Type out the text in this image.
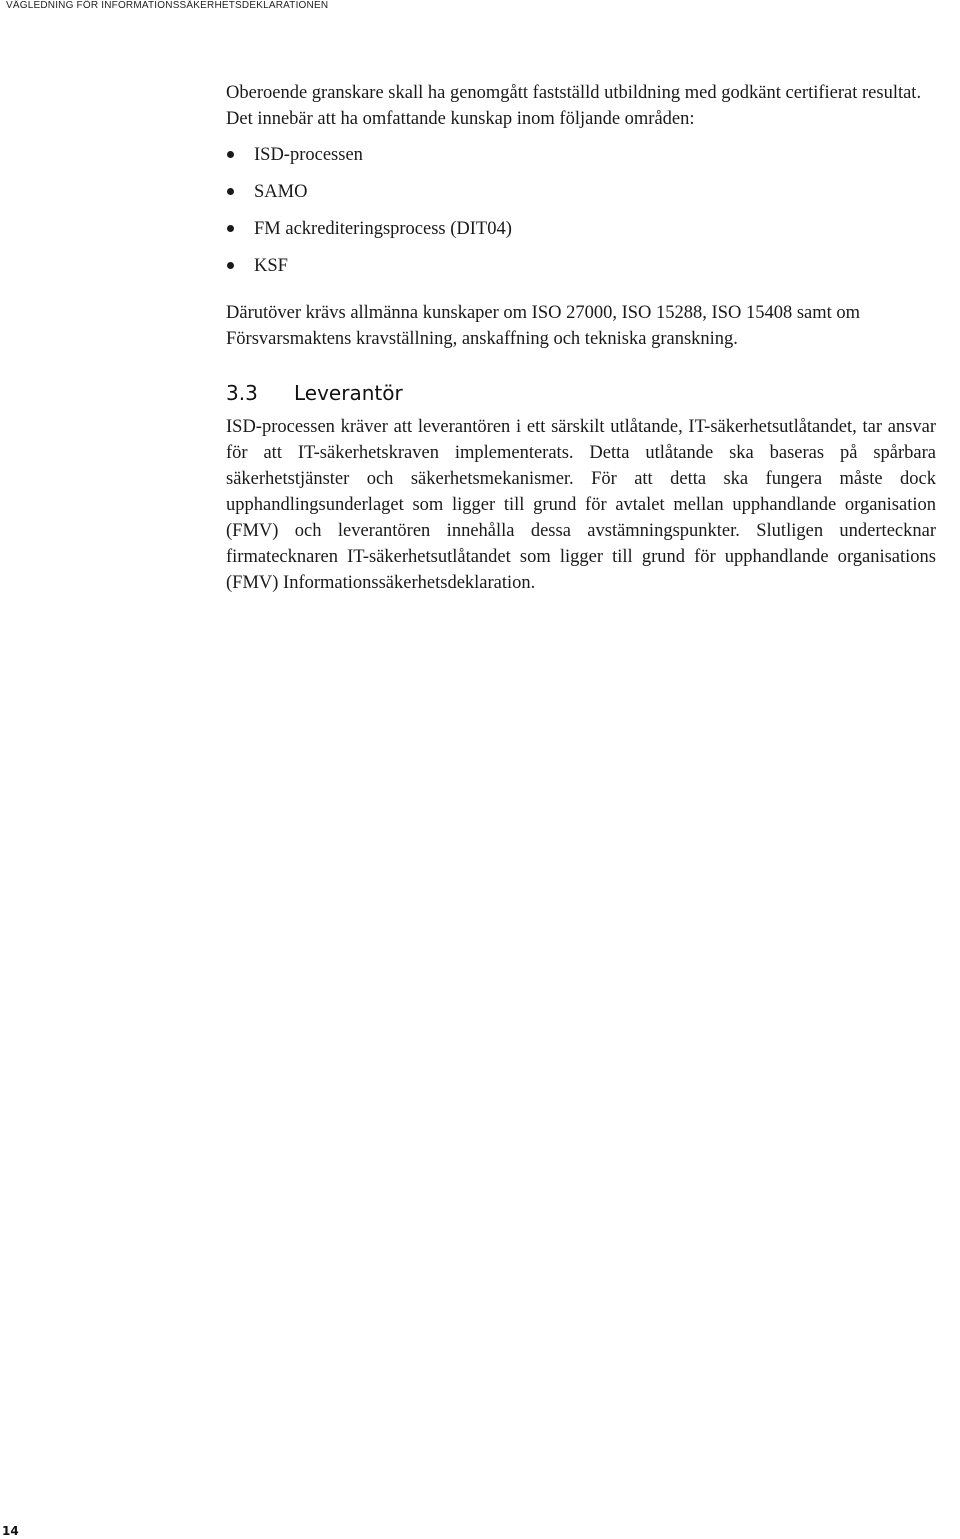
VÄGLEDNING FÖR INFORMATIONSSÄKERHETSDEKLARATIONEN

Oberoende granskare skall ha genomgått fastställd utbildning med godkänt certifierat resultat. Det innebär att ha omfattande kunskap inom följande områden:

ISD-processen
SAMO
FM ackrediteringsprocess (DIT04)
KSF

Därutöver krävs allmänna kunskaper om ISO 27000, ISO 15288, ISO 15408 samt om Försvarsmaktens kravställning, anskaffning och tekniska granskning.

3.3 Leverantör

ISD-processen kräver att leverantören i ett särskilt utlåtande, IT-säkerhetsutlåtandet, tar ansvar för att IT-säkerhetskraven implementerats. Detta utlåtande ska baseras på spårbara säkerhetstjänster och säkerhetsmekanismer. För att detta ska fungera måste dock upphandlingsunderlaget som ligger till grund för avtalet mellan upphandlande organisation (FMV) och leverantören innehålla dessa avstämningspunkter. Slutligen undertecknar firmatecknaren IT-säkerhetsutlåtandet som ligger till grund för upphandlande organisations (FMV) Informationssäkerhetsdeklaration.

14
